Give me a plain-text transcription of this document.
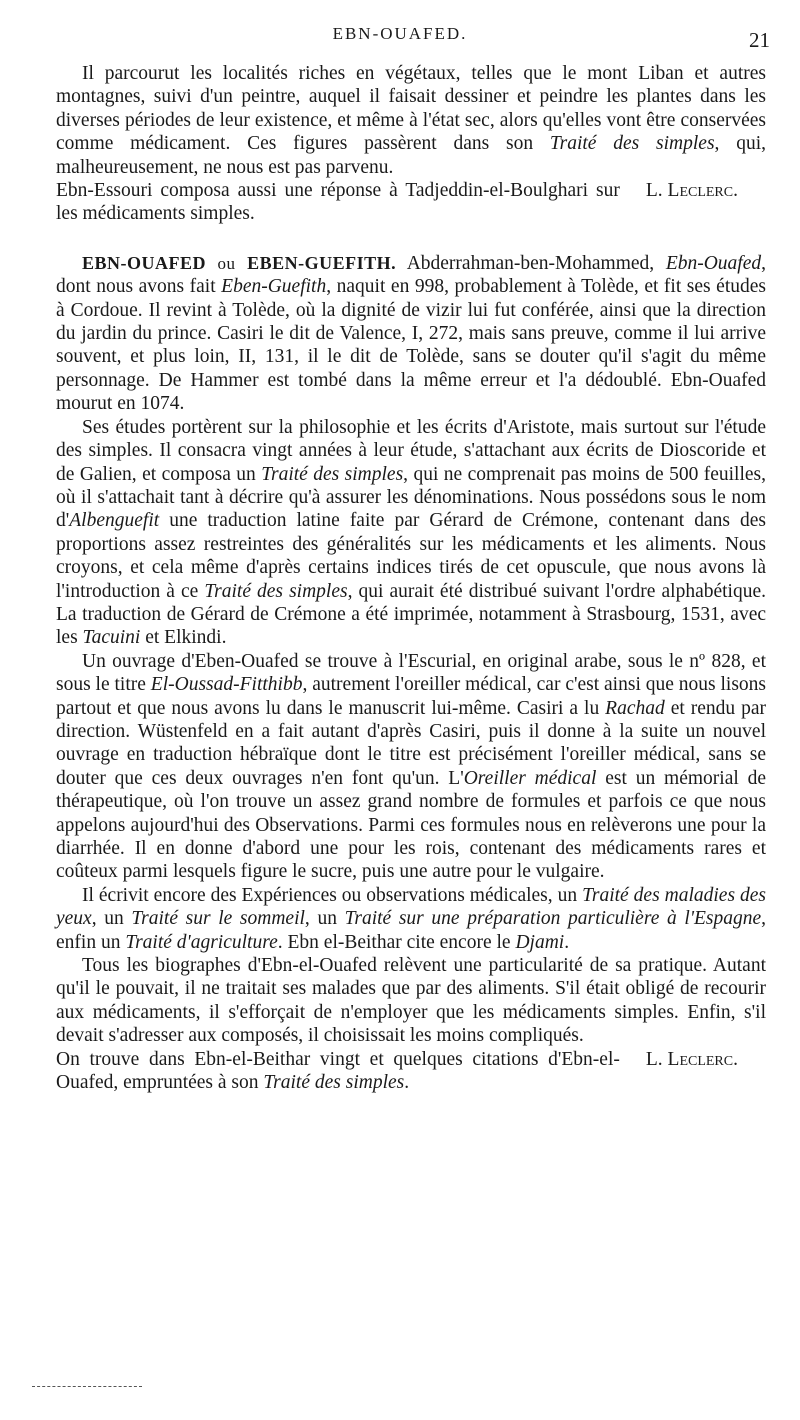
EBN-OUAFED.	21

Il parcourut les localités riches en végétaux, telles que le mont Liban et autres montagnes, suivi d'un peintre, auquel il faisait dessiner et peindre les plantes dans les diverses périodes de leur existence, et même à l'état sec, alors qu'elles vont être conservées comme médicament. Ces figures passèrent dans son Traité des simples, qui, malheureusement, ne nous est pas parvenu.

Ebn-Essouri composa aussi une réponse à Tadjeddin-el-Boulghari sur les médicaments simples.
L. Leclerc.

EBN-OUAFED ou EBEN-GUEFITH. Abderrahman-ben-Mohammed, Ebn-Ouafed, dont nous avons fait Eben-Guefith, naquit en 998, probablement à Tolède, et fit ses études à Cordoue. Il revint à Tolède, où la dignité de vizir lui fut conférée, ainsi que la direction du jardin du prince. Casiri le dit de Valence, I, 272, mais sans preuve, comme il lui arrive souvent, et plus loin, II, 131, il le dit de Tolède, sans se douter qu'il s'agit du même personnage. De Hammer est tombé dans la même erreur et l'a dédoublé. Ebn-Ouafed mourut en 1074.

Ses études portèrent sur la philosophie et les écrits d'Aristote, mais surtout sur l'étude des simples. Il consacra vingt années à leur étude, s'attachant aux écrits de Dioscoride et de Galien, et composa un Traité des simples, qui ne comprenait pas moins de 500 feuilles, où il s'attachait tant à décrire qu'à assurer les dénominations. Nous possédons sous le nom d'Albenguefit une traduction latine faite par Gérard de Crémone, contenant dans des proportions assez restreintes des généralités sur les médicaments et les aliments. Nous croyons, et cela même d'après certains indices tirés de cet opuscule, que nous avons là l'introduction à ce Traité des simples, qui aurait été distribué suivant l'ordre alphabétique. La traduction de Gérard de Crémone a été imprimée, notamment à Strasbourg, 1531, avec les Tacuini et Elkindi.

Un ouvrage d'Eben-Ouafed se trouve à l'Escurial, en original arabe, sous le nº 828, et sous le titre El-Oussad-Fitthibb, autrement l'oreiller médical, car c'est ainsi que nous lisons partout et que nous avons lu dans le manuscrit lui-même. Casiri a lu Rachad et rendu par direction. Wüstenfeld en a fait autant d'après Casiri, puis il donne à la suite un nouvel ouvrage en traduction hébraïque dont le titre est précisément l'oreiller médical, sans se douter que ces deux ouvrages n'en font qu'un. L'Oreiller médical est un mémorial de thérapeutique, où l'on trouve un assez grand nombre de formules et parfois ce que nous appelons aujourd'hui des Observations. Parmi ces formules nous en relèverons une pour la diarrhée. Il en donne d'abord une pour les rois, contenant des médicaments rares et coûteux parmi lesquels figure le sucre, puis une autre pour le vulgaire.

Il écrivit encore des Expériences ou observations médicales, un Traité des maladies des yeux, un Traité sur le sommeil, un Traité sur une préparation particulière à l'Espagne, enfin un Traité d'agriculture. Ebn el-Beithar cite encore le Djami.

Tous les biographes d'Ebn-el-Ouafed relèvent une particularité de sa pratique. Autant qu'il le pouvait, il ne traitait ses malades que par des aliments. S'il était obligé de recourir aux médicaments, il s'efforçait de n'employer que les médicaments simples. Enfin, s'il devait s'adresser aux composés, il choisissait les moins compliqués.

On trouve dans Ebn-el-Beithar vingt et quelques citations d'Ebn-el-Ouafed, empruntées à son Traité des simples.
L. Leclerc.
